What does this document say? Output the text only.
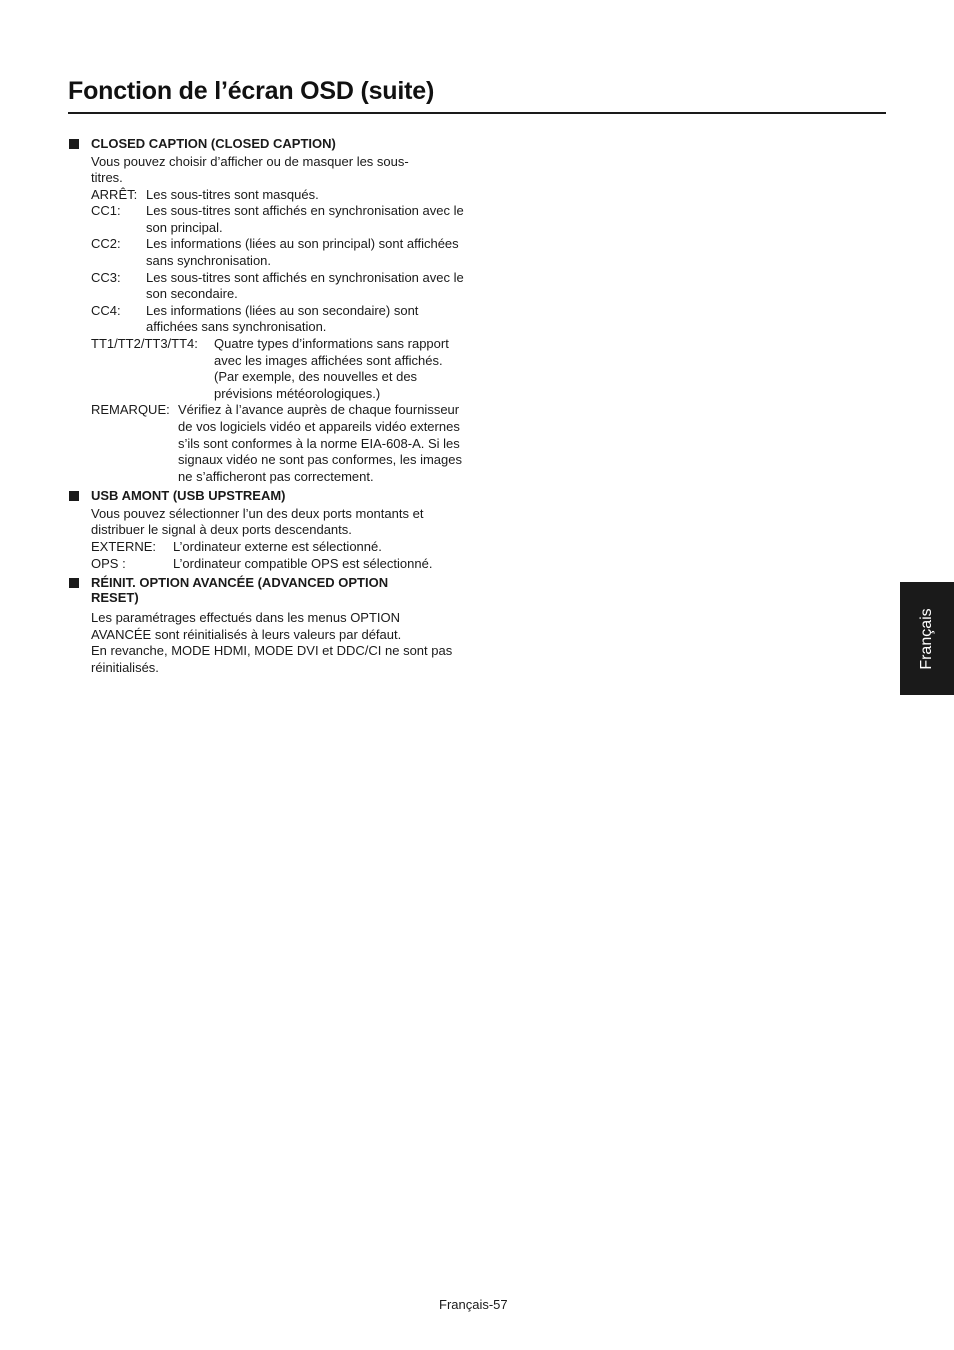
Fonction de l’écran OSD (suite)
CLOSED CAPTION (CLOSED CAPTION)

Vous pouvez choisir d’afficher ou de masquer les sous-titres.

ARRÊT: Les sous-titres sont masqués.
CC1:	Les sous-titres sont affichés en synchronisation avec le son principal.
CC2:	Les informations (liées au son principal) sont affichées sans synchronisation.
CC3:	Les sous-titres sont affichés en synchronisation avec le son secondaire.
CC4:	Les informations (liées au son secondaire) sont affichées sans synchronisation.
TT1/TT2/TT3/TT4:	Quatre types d’informations sans rapport avec les images affichées sont affichés. (Par exemple, des nouvelles et des prévisions météorologiques.)
REMARQUE: Vérifiez à l’avance auprès de chaque fournisseur de vos logiciels vidéo et appareils vidéo externes s’ils sont conformes à la norme EIA-608-A. Si les signaux vidéo ne sont pas conformes, les images ne s’afficheront pas correctement.
USB AMONT (USB UPSTREAM)

Vous pouvez sélectionner l’un des deux ports montants et distribuer le signal à deux ports descendants.

EXTERNE:	L’ordinateur externe est sélectionné.
OPS :	L’ordinateur compatible OPS est sélectionné.
RÉINIT. OPTION AVANCÉE (ADVANCED OPTION RESET)

Les paramétrages effectués dans les menus OPTION AVANCÉE sont réinitialisés à leurs valeurs par défaut.

En revanche, MODE HDMI, MODE DVI et DDC/CI ne sont pas réinitialisés.	Français
Français-57
